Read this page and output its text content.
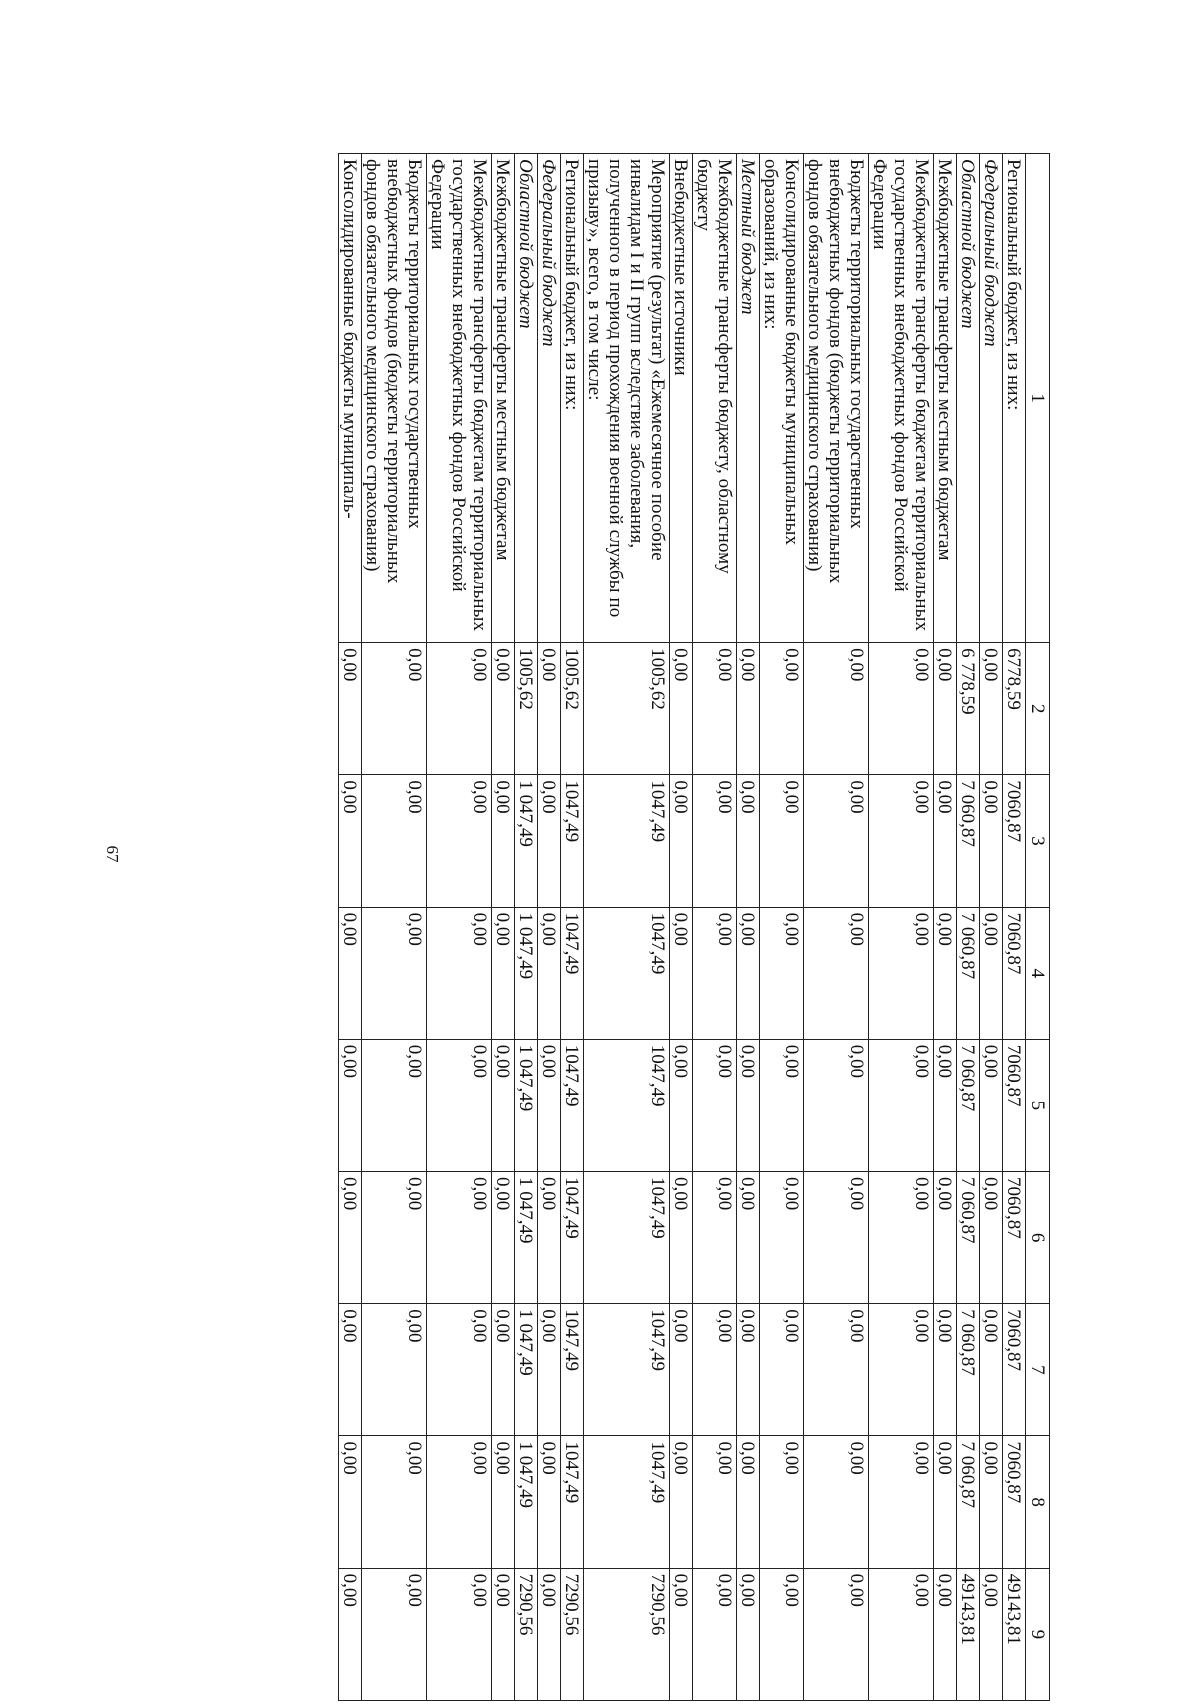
67
1	2	3	4	5	6	7	8	9
Региональный бюджет, из них:	6778,59	7060,87	7060,87	7060,87	7060,87	7060,87	7060,87	49143,81
Федеральный бюджет	0,00	0,00	0,00	0,00	0,00	0,00	0,00	0,00
Областной бюджет	6 778,59	7 060,87	7 060,87	7 060,87	7 060,87	7 060,87	7 060,87	49143,81
Межбюджетные трансферты местным бюджетам	0,00	0,00	0,00	0,00	0,00	0,00	0,00	0,00
Межбюджетные трансферты бюджетам территориальных государственных внебюджетных фондов Российской Федерации	0,00	0,00	0,00	0,00	0,00	0,00	0,00	0,00
Бюджеты территориальных государственных внебюджетных фондов (бюджеты территориальных фондов обязательного медицинского страхования)	0,00	0,00	0,00	0,00	0,00	0,00	0,00	0,00
Консолидированные бюджеты муниципальных образований, из них:	0,00	0,00	0,00	0,00	0,00	0,00	0,00	0,00
Местный бюджет	0,00	0,00	0,00	0,00	0,00	0,00	0,00	0,00
Межбюджетные трансферты бюджету, областному бюджету	0,00	0,00	0,00	0,00	0,00	0,00	0,00	0,00
Внебюджетные источники	0,00	0,00	0,00	0,00	0,00	0,00	0,00	0,00
Мероприятие (результат) «Ежемесячное пособие инвалидам I и II групп вследствие заболевания, полученного в период прохождения военной службы по призыву», всего, в том числе:	1005,62	1047,49	1047,49	1047,49	1047,49	1047,49	1047,49	7290,56
Региональный бюджет, из них:	1005,62	1047,49	1047,49	1047,49	1047,49	1047,49	1047,49	7290,56
Федеральный бюджет	0,00	0,00	0,00	0,00	0,00	0,00	0,00	0,00
Областной бюджет	1005,62	1 047,49	1 047,49	1 047,49	1 047,49	1 047,49	1 047,49	7290,56
Межбюджетные трансферты местным бюджетам	0,00	0,00	0,00	0,00	0,00	0,00	0,00	0,00
Межбюджетные трансферты бюджетам территориальных государственных внебюджетных фондов Российской Федерации	0,00	0,00	0,00	0,00	0,00	0,00	0,00	0,00
Бюджеты территориальных государственных внебюджетных фондов (бюджеты территориальных фондов обязательного медицинского страхования)	0,00	0,00	0,00	0,00	0,00	0,00	0,00	0,00
Консолидированные бюджеты муниципаль-	0,00	0,00	0,00	0,00	0,00	0,00	0,00	0,00
